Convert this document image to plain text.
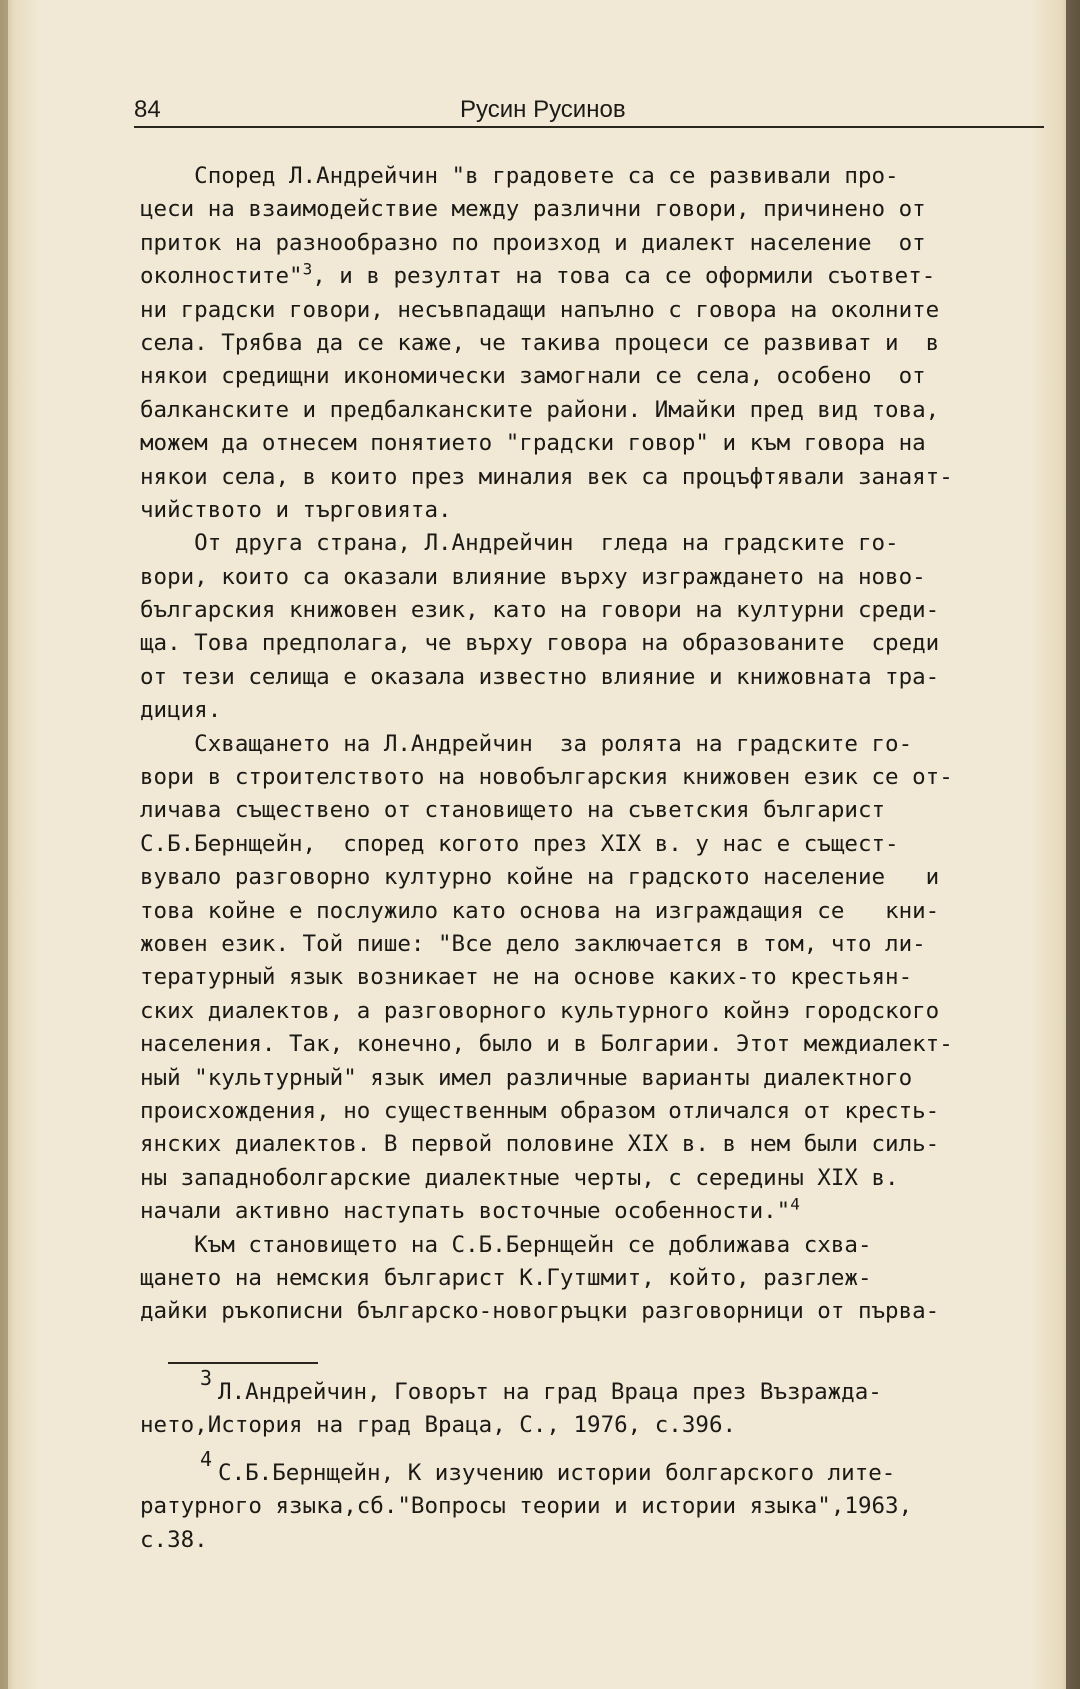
84	Русин Русинов
Според Л.Андрейчин "в градовете са се развивали про-
цеси на взаимодействие между различни говори, причинено от
приток на разнообразно по произход и диалект население  от
околностите"$^3$, и в резултат на това са се оформили съответ-
ни градски говори, несъвпадащи напълно с говора на околните
села. Трябва да се каже, че такива процеси се развиват и  в
някои средищни икономически замогнали се села, особено  от
балканските и предбалканските райони. Имайки пред вид това,
можем да отнесем понятието "градски говор" и към говора на
някои села, в които през миналия век са процъфтявали занаят-
чийството и търговията.
От друга страна, Л.Андрейчин  гледа на градските го-
вори, които са оказали влияние върху изграждането на ново-
българския книжовен език, като на говори на културни среди-
ща. Това предполага, че върху говора на образованите  среди
от тези селища е оказала известно влияние и книжовната тра-
диция.
Схващането на Л.Андрейчин  за ролята на градските го-
вори в строителството на новобългарския книжовен език се от-
личава съществено от становището на съветския българист
С.Б.Бернщейн,  според когото през XIX в. у нас е същест-
вувало разговорно културно койне на градското население   и
това койне е послужило като основа на изграждащия се   кни-
жовен език. Той пише: "Все дело заключается в том, что ли-
тературный язык возникает не на основе каких-то крестьян-
ских диалектов, а разговорного культурного койнэ городского
населения. Так, конечно, было и в Болгарии. Этот междиалект-
ный "культурный" язык имел различные варианты диалектного
происхождения, но существенным образом отличался от кресть-
янских диалектов. В первой половине XIX в. в нем были силь-
ны западноболгарские диалектные черты, с середины XIX в.
начали активно наступать восточные особенности."$^4$
Към становището на С.Б.Бернщейн се доближава схва-
щането на немския българист К.Гутшмит, който, разглеж-
дайки ръкописни българско-новогръцки разговорници от първа-
3Л.Андрейчин, Говорът на град Враца през Възражда-
нето,История на град Враца, С., 1976, с.396.
4С.Б.Бернщейн, К изучению истории болгарского лите-
ратурного языка,сб."Вопросы теории и истории языка",1963,
с.38.
